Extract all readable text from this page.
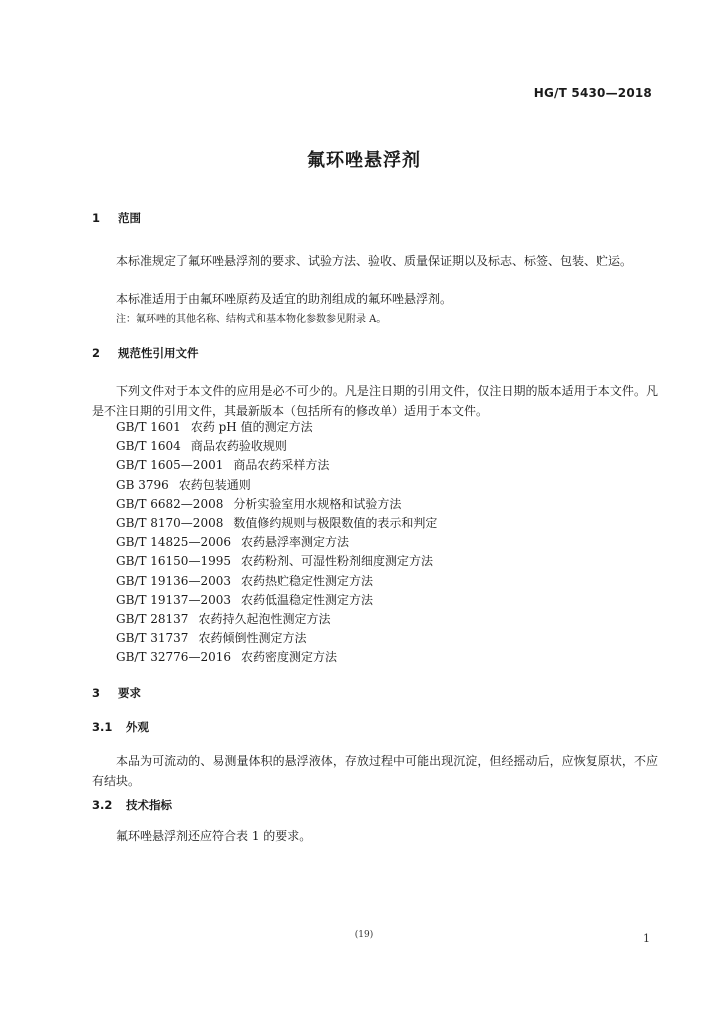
HG/T 5430—2018
氟环唑悬浮剂
1 范围
本标准规定了氟环唑悬浮剂的要求、试验方法、验收、质量保证期以及标志、标签、包装、贮运。
本标准适用于由氟环唑原药及适宜的助剂组成的氟环唑悬浮剂。
注：氟环唑的其他名称、结构式和基本物化参数参见附录 A。
2 规范性引用文件
下列文件对于本文件的应用是必不可少的。凡是注日期的引用文件，仅注日期的版本适用于本文件。凡是不注日期的引用文件，其最新版本（包括所有的修改单）适用于本文件。
GB/T 1601 农药 pH 值的测定方法
GB/T 1604 商品农药验收规则
GB/T 1605—2001 商品农药采样方法
GB 3796 农药包装通则
GB/T 6682—2008 分析实验室用水规格和试验方法
GB/T 8170—2008 数值修约规则与极限数值的表示和判定
GB/T 14825—2006 农药悬浮率测定方法
GB/T 16150—1995 农药粉剂、可湿性粉剂细度测定方法
GB/T 19136—2003 农药热贮稳定性测定方法
GB/T 19137—2003 农药低温稳定性测定方法
GB/T 28137 农药持久起泡性测定方法
GB/T 31737 农药倾倒性测定方法
GB/T 32776—2016 农药密度测定方法
3 要求
3.1 外观
本品为可流动的、易测量体积的悬浮液体，存放过程中可能出现沉淀，但经摇动后，应恢复原状，不应有结块。
3.2 技术指标
氟环唑悬浮剂还应符合表 1 的要求。
(19)	1
